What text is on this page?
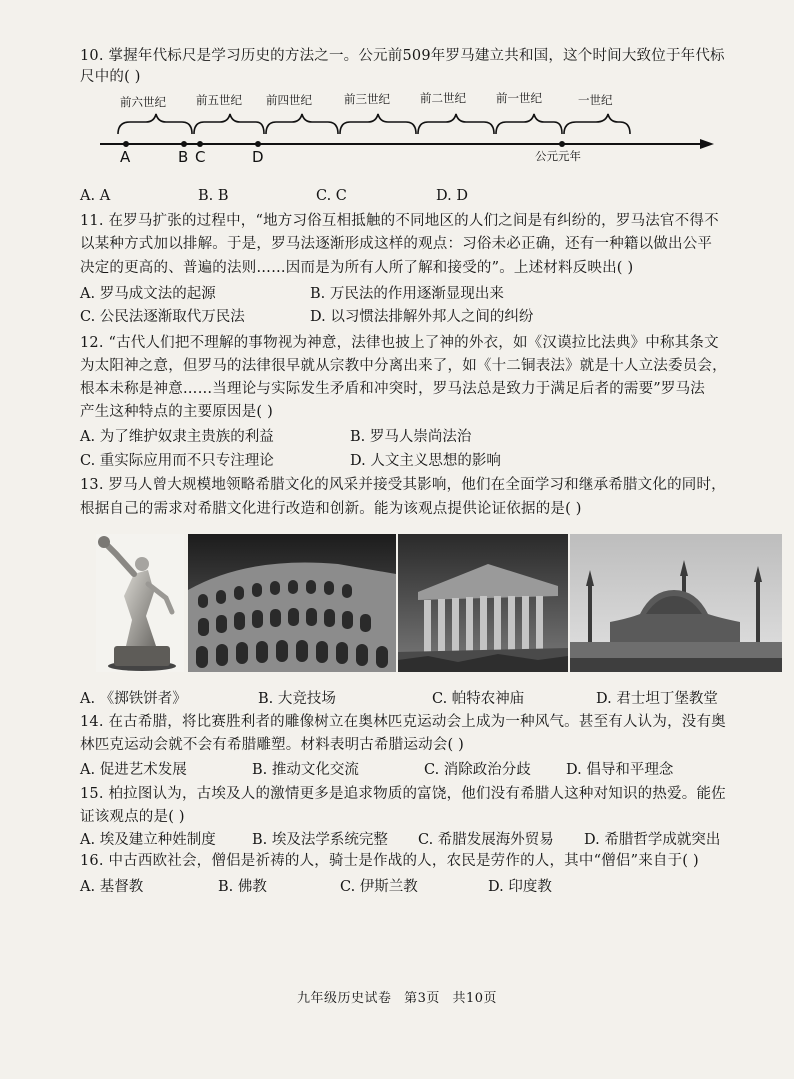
10. 掌握年代标尺是学习历史的方法之一。公元前509年罗马建立共和国，这个时间大致位于年代标
尺中的( )
前六世纪	前五世纪 前四世纪	前三世纪	前二世纪	前一世纪	一世纪
A	B C	D	公元元年
A. A	B. B	C. C	D. D
11. 在罗马扩张的过程中，“地方习俗互相抵触的不同地区的人们之间是有纠纷的，罗马法官不得不
以某种方式加以排解。于是，罗马法逐渐形成这样的观点：习俗未必正确，还有一种籍以做出公平
决定的更高的、普遍的法则……因而是为所有人所了解和接受的”。上述材料反映出( )
A. 罗马成文法的起源	B. 万民法的作用逐渐显现出来
C. 公民法逐渐取代万民法	D. 以习惯法排解外邦人之间的纠纷
12. “古代人们把不理解的事物视为神意，法律也披上了神的外衣，如《汉谟拉比法典》中称其条文
为太阳神之意，但罗马的法律很早就从宗教中分离出来了，如《十二铜表法》就是十人立法委员会，
根本未称是神意……当理论与实际发生矛盾和冲突时，罗马法总是致力于满足后者的需要”罗马法
产生这种特点的主要原因是( )
A. 为了维护奴隶主贵族的利益	B. 罗马人崇尚法治
C. 重实际应用而不只专注理论	D. 人文主义思想的影响
13. 罗马人曾大规模地领略希腊文化的风采并接受其影响，他们在全面学习和继承希腊文化的同时，
根据自己的需求对希腊文化进行改造和创新。能为该观点提供论证依据的是( )
A. 《掷铁饼者》	B. 大竞技场	C. 帕特农神庙	D. 君士坦丁堡教堂
14. 在古希腊，将比赛胜利者的雕像树立在奥林匹克运动会上成为一种风气。甚至有人认为，没有奥
林匹克运动会就不会有希腊雕塑。材料表明古希腊运动会( )
A. 促进艺术发展	B. 推动文化交流	C. 消除政治分歧 D. 倡导和平理念
15. 柏拉图认为，古埃及人的激情更多是追求物质的富饶，他们没有希腊人这种对知识的热爱。能佐
证该观点的是( )
A. 埃及建立种姓制度	B. 埃及法学系统完整 C. 希腊发展海外贸易 D. 希腊哲学成就突出
16. 中古西欧社会，僧侣是祈祷的人，骑士是作战的人，农民是劳作的人，其中“僧侣”来自于( )
A. 基督教	B. 佛教	C. 伊斯兰教	D. 印度教
九年级历史试卷 第3页 共10页
